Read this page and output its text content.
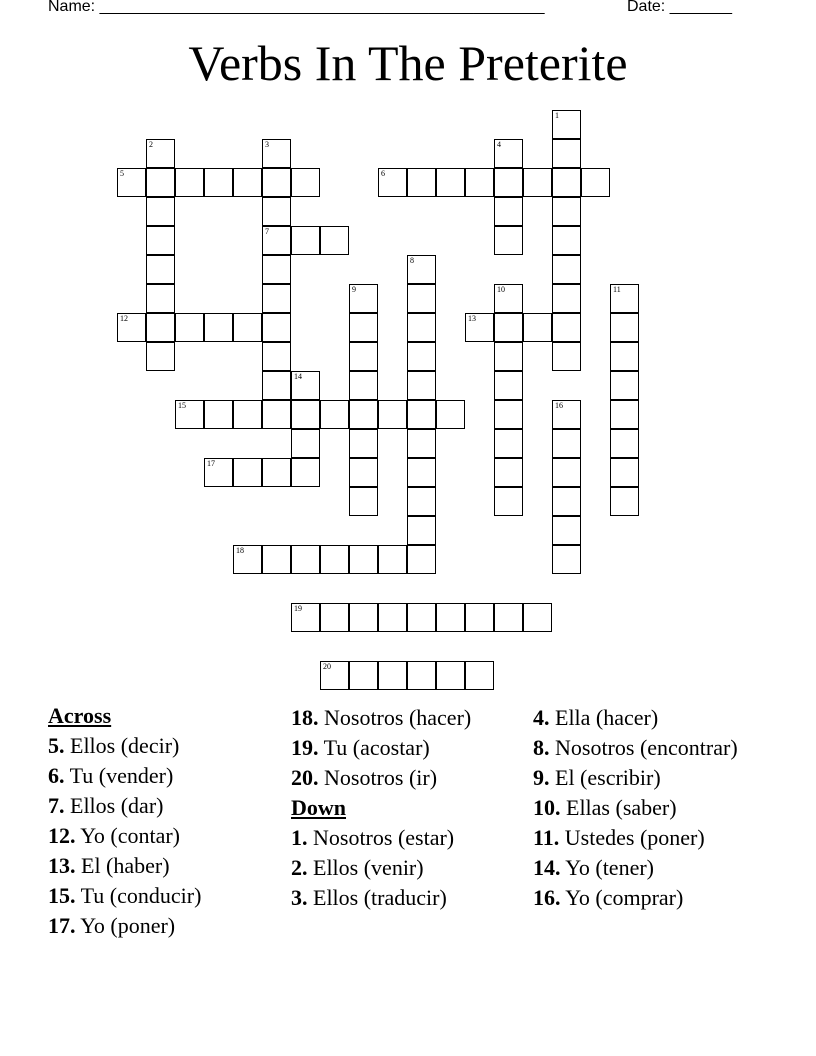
Name: __________________________________________________	Date: _______
Verbs In The Preterite
1
2	3
7
4
5	6
8
9	10	11
12	13
14
15	16
17
18
19
20
Across
5. Ellos (decir)
6. Tu (vender)
7. Ellos (dar)
12. Yo (contar)
13. El (haber)
15. Tu (conducir)
17. Yo (poner)
18. Nosotros (hacer)
19. Tu (acostar)
20. Nosotros (ir)
Down
1. Nosotros (estar)
2. Ellos (venir)
3. Ellos (traducir)
4. Ella (hacer)
8. Nosotros (encontrar)
9. El (escribir)
10. Ellas (saber)
11. Ustedes (poner)
14. Yo (tener)
16. Yo (comprar)
